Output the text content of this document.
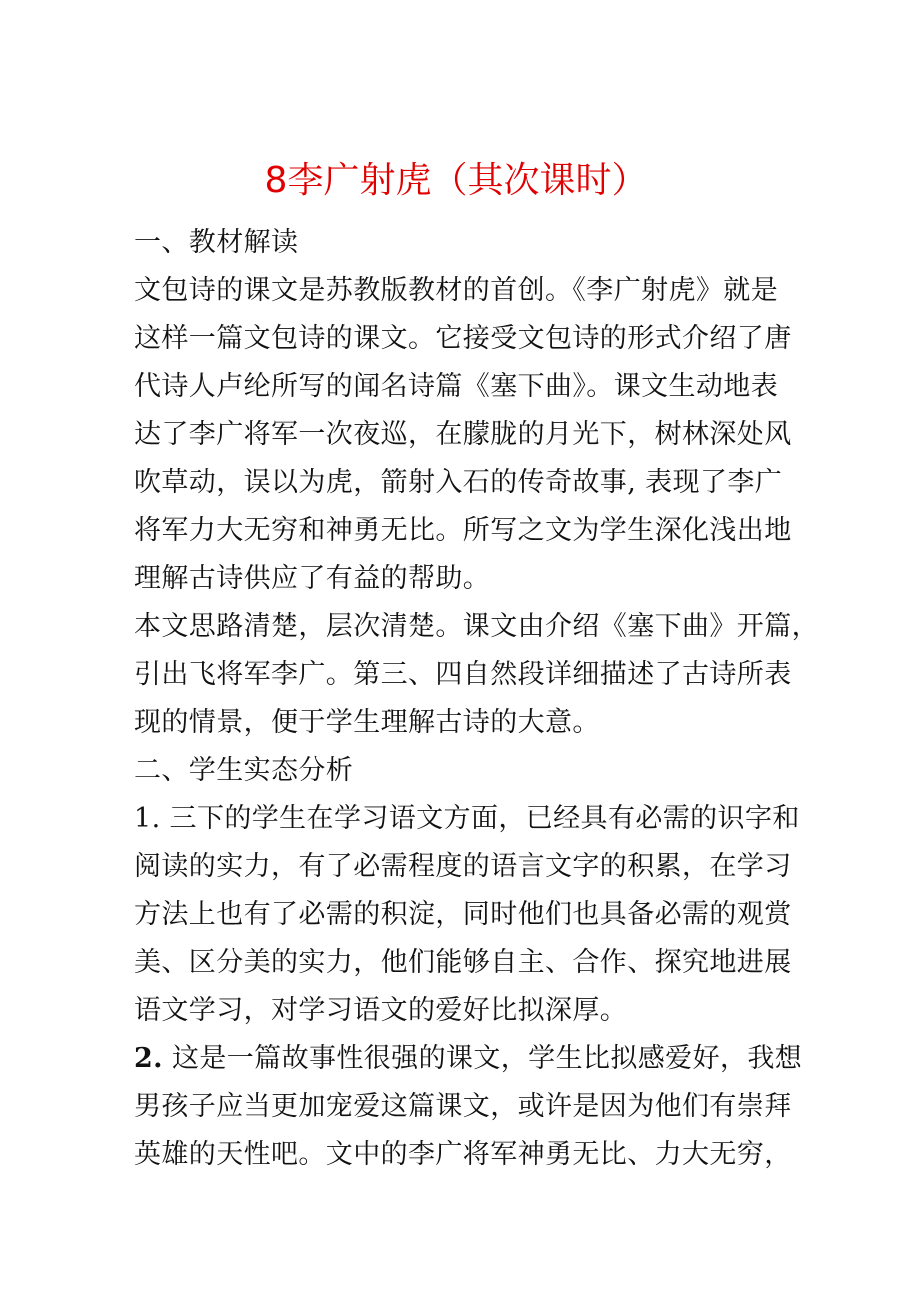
8李广射虎（其次课时）
一、教材解读
文包诗的课文是苏教版教材的首创。《李广射虎》就是
这样一篇文包诗的课文。它接受文包诗的形式介绍了唐
代诗人卢纶所写的闻名诗篇《塞下曲》。课文生动地表
达了李广将军一次夜巡，在朦胧的月光下，树林深处风
吹草动，误以为虎，箭射入石的传奇故事, 表现了李广
将军力大无穷和神勇无比。所写之文为学生深化浅出地
理解古诗供应了有益的帮助。
本文思路清楚，层次清楚。课文由介绍《塞下曲》开篇，
引出飞将军李广。第三、四自然段详细描述了古诗所表
现的情景，便于学生理解古诗的大意。
二、学生实态分析
1. 三下的学生在学习语文方面，已经具有必需的识字和
阅读的实力，有了必需程度的语言文字的积累，在学习
方法上也有了必需的积淀，同时他们也具备必需的观赏
美、区分美的实力，他们能够自主、合作、探究地进展
语文学习，对学习语文的爱好比拟深厚。
2. 这是一篇故事性很强的课文，学生比拟感爱好，我想
男孩子应当更加宠爱这篇课文，或许是因为他们有崇拜
英雄的天性吧。文中的李广将军神勇无比、力大无穷，
